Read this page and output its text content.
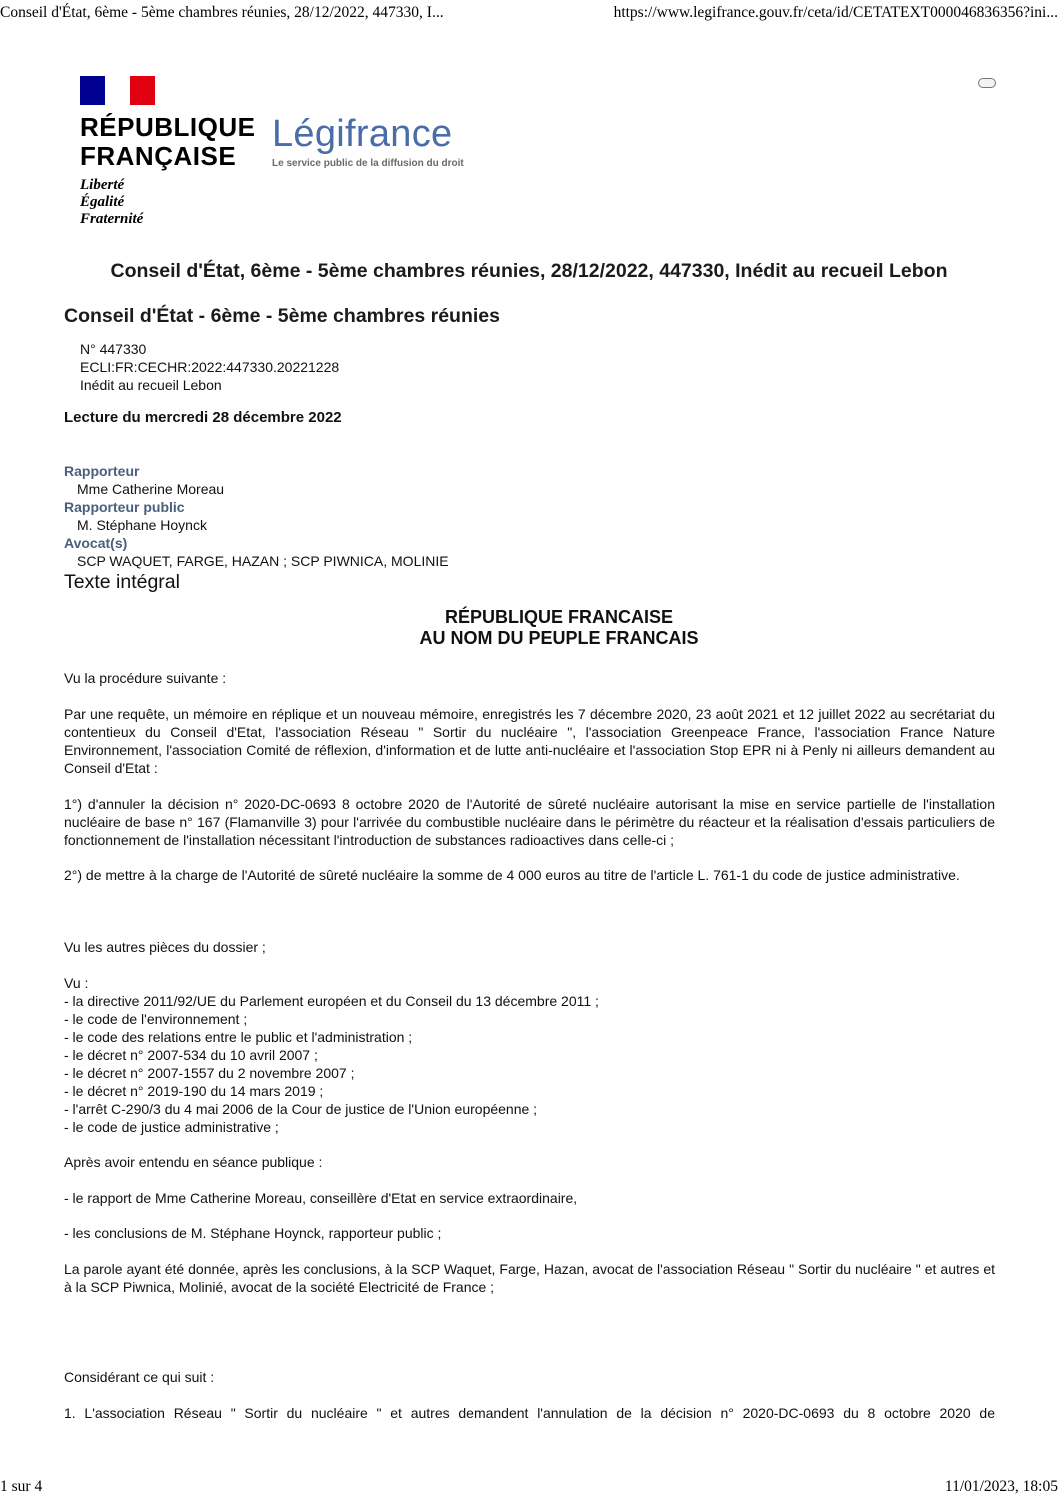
Conseil d'État, 6ème - 5ème chambres réunies, 28/12/2022, 447330, I...	https://www.legifrance.gouv.fr/ceta/id/CETATEXT000046836356?ini...
RÉPUBLIQUE
FRANÇAISE
Liberté
Égalité
Fraternité
Légifrance
Le service public de la diffusion du droit
Conseil d'État, 6ème - 5ème chambres réunies, 28/12/2022, 447330, Inédit au recueil Lebon
Conseil d'État - 6ème - 5ème chambres réunies
N° 447330
ECLI:FR:CECHR:2022:447330.20221228
Inédit au recueil Lebon
Lecture du mercredi 28 décembre 2022
Rapporteur
Mme Catherine Moreau
Rapporteur public
M. Stéphane Hoynck
Avocat(s)
SCP WAQUET, FARGE, HAZAN ; SCP PIWNICA, MOLINIE
Texte intégral
RÉPUBLIQUE FRANCAISE
AU NOM DU PEUPLE FRANCAIS
Vu la procédure suivante :
Par une requête, un mémoire en réplique et un nouveau mémoire, enregistrés les 7 décembre 2020, 23 août 2021 et 12 juillet 2022 au secrétariat du contentieux du Conseil d'Etat, l'association Réseau " Sortir du nucléaire ", l'association Greenpeace France, l'association France Nature Environnement, l'association Comité de réflexion, d'information et de lutte anti-nucléaire et l'association Stop EPR ni à Penly ni ailleurs demandent au Conseil d'Etat :
1°) d'annuler la décision n° 2020-DC-0693 8 octobre 2020 de l'Autorité de sûreté nucléaire autorisant la mise en service partielle de l'installation nucléaire de base n° 167 (Flamanville 3) pour l'arrivée du combustible nucléaire dans le périmètre du réacteur et la réalisation d'essais particuliers de fonctionnement de l'installation nécessitant l'introduction de substances radioactives dans celle-ci ;
2°) de mettre à la charge de l'Autorité de sûreté nucléaire la somme de 4 000 euros au titre de l'article L. 761-1 du code de justice administrative.
Vu les autres pièces du dossier ;
Vu :
- la directive 2011/92/UE du Parlement européen et du Conseil du 13 décembre 2011 ;
- le code de l'environnement ;
- le code des relations entre le public et l'administration ;
- le décret n° 2007-534 du 10 avril 2007 ;
- le décret n° 2007-1557 du 2 novembre 2007 ;
- le décret n° 2019-190 du 14 mars 2019 ;
- l'arrêt C-290/3 du 4 mai 2006 de la Cour de justice de l'Union européenne ;
- le code de justice administrative ;
Après avoir entendu en séance publique :
- le rapport de Mme Catherine Moreau, conseillère d'Etat en service extraordinaire,
- les conclusions de M. Stéphane Hoynck, rapporteur public ;
La parole ayant été donnée, après les conclusions, à la SCP Waquet, Farge, Hazan, avocat de l'association Réseau " Sortir du nucléaire " et autres et à la SCP Piwnica, Molinié, avocat de la société Electricité de France ;
Considérant ce qui suit :
1. L'association Réseau " Sortir du nucléaire " et autres demandent l'annulation de la décision n° 2020-DC-0693 du 8 octobre 2020 de
1 sur 4	11/01/2023, 18:05
